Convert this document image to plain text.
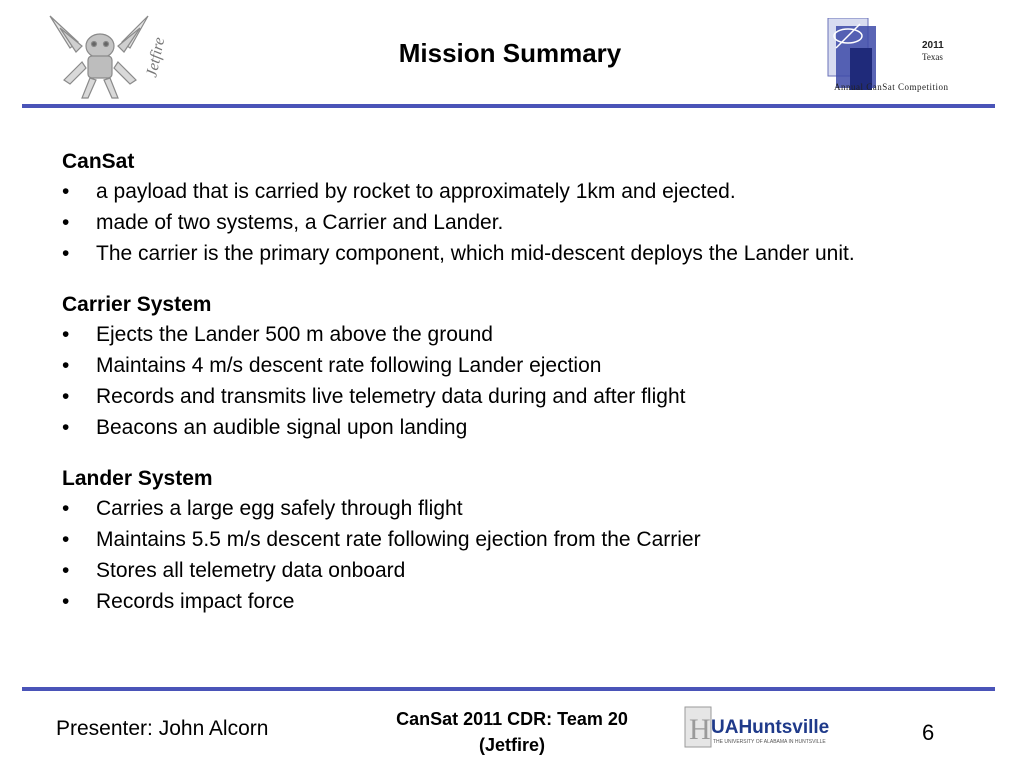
Jetfire	Mission Summary	2011
Texas
Annual CanSat Competition
CanSat
• a payload that is carried by rocket to approximately 1km and ejected.
• made of two systems, a Carrier and Lander.
• The carrier is the primary component, which mid-descent deploys the Lander unit.
Carrier System
• Ejects the Lander 500 m above the ground
• Maintains 4 m/s descent rate following Lander ejection
• Records and transmits live telemetry data during and after flight
• Beacons an audible signal upon landing
Lander System
• Carries a large egg safely through flight
• Maintains 5.5 m/s descent rate following ejection from the Carrier
• Stores all telemetry data onboard
• Records impact force
Presenter: John Alcorn	CanSat 2011 CDR: Team 20
(Jetfire)	H UAHuntsville
THE UNIVERSITY OF ALABAMA IN HUNTSVILLE	6
